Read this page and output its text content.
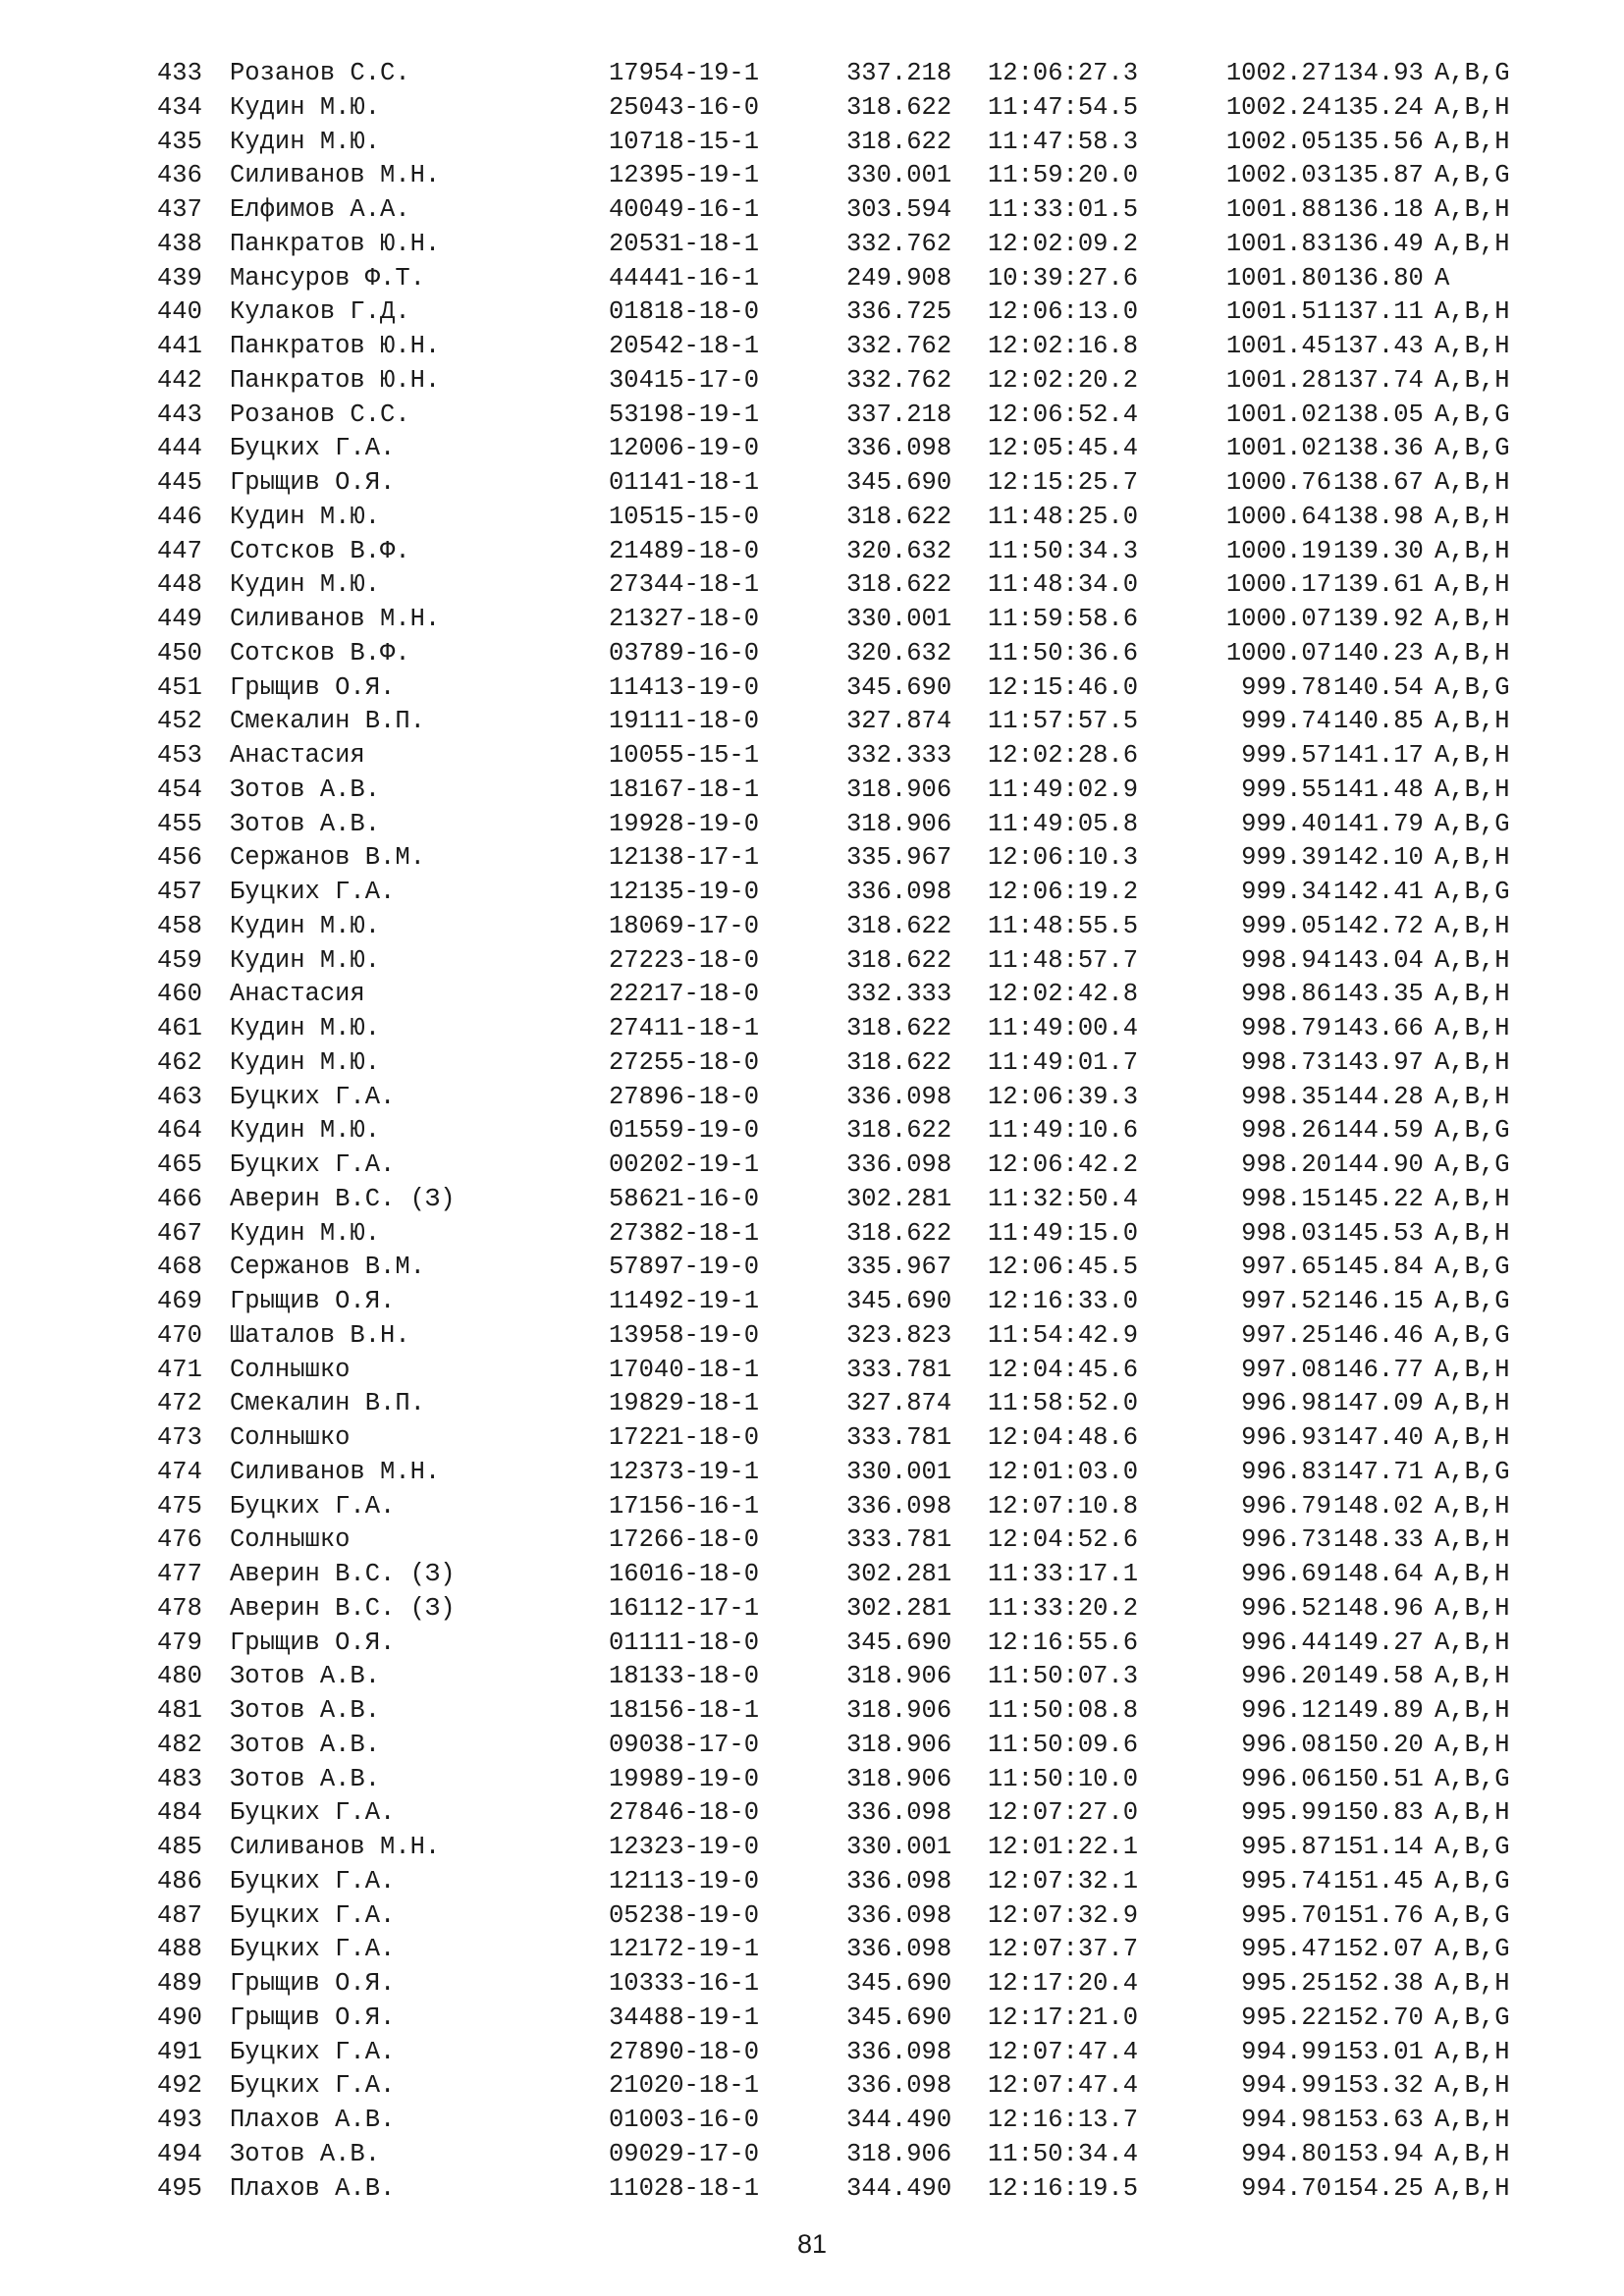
433 Розанов С.С.	17954-19-1	337.218 12:06:27.3	1002.27 134.93 A,B,G
434 Кудин М.Ю.	25043-16-0	318.622 11:47:54.5	1002.24 135.24 A,B,H
435 Кудин М.Ю.	10718-15-1	318.622 11:47:58.3	1002.05 135.56 A,B,H
436 Силиванов М.Н.	12395-19-1	330.001 11:59:20.0	1002.03 135.87 A,B,G
437 Елфимов А.А.	40049-16-1	303.594 11:33:01.5	1001.88 136.18 A,B,H
438 Панкратов Ю.Н.	20531-18-1	332.762 12:02:09.2	1001.83 136.49 A,B,H
439 Мансуров Ф.Т.	44441-16-1	249.908 10:39:27.6	1001.80 136.80 A
440 Кулаков Г.Д.	01818-18-0	336.725 12:06:13.0	1001.51 137.11 A,B,H
441 Панкратов Ю.Н.	20542-18-1	332.762 12:02:16.8	1001.45 137.43 A,B,H
442 Панкратов Ю.Н.	30415-17-0	332.762 12:02:20.2	1001.28 137.74 A,B,H
443 Розанов С.С.	53198-19-1	337.218 12:06:52.4	1001.02 138.05 A,B,G
444 Буцких Г.А.	12006-19-0	336.098 12:05:45.4	1001.02 138.36 A,B,G
445 Грыщив О.Я.	01141-18-1	345.690 12:15:25.7	1000.76 138.67 A,B,H
446 Кудин М.Ю.	10515-15-0	318.622 11:48:25.0	1000.64 138.98 A,B,H
447 Сотсков В.Ф.	21489-18-0	320.632 11:50:34.3	1000.19 139.30 A,B,H
448 Кудин М.Ю.	27344-18-1	318.622 11:48:34.0	1000.17 139.61 A,B,H
449 Силиванов М.Н.	21327-18-0	330.001 11:59:58.6	1000.07 139.92 A,B,H
450 Сотсков В.Ф.	03789-16-0	320.632 11:50:36.6	1000.07 140.23 A,B,H
451 Грыщив О.Я.	11413-19-0	345.690 12:15:46.0	999.78 140.54 A,B,G
452 Смекалин В.П.	19111-18-0	327.874 11:57:57.5	999.74 140.85 A,B,H
453 Анастасия	10055-15-1	332.333 12:02:28.6	999.57 141.17 A,B,H
454 Зотов А.В.	18167-18-1	318.906 11:49:02.9	999.55 141.48 A,B,H
455 Зотов А.В.	19928-19-0	318.906 11:49:05.8	999.40 141.79 A,B,G
456 Сержанов В.М.	12138-17-1	335.967 12:06:10.3	999.39 142.10 A,B,H
457 Буцких Г.А.	12135-19-0	336.098 12:06:19.2	999.34 142.41 A,B,G
458 Кудин М.Ю.	18069-17-0	318.622 11:48:55.5	999.05 142.72 A,B,H
459 Кудин М.Ю.	27223-18-0	318.622 11:48:57.7	998.94 143.04 A,B,H
460 Анастасия	22217-18-0	332.333 12:02:42.8	998.86 143.35 A,B,H
461 Кудин М.Ю.	27411-18-1	318.622 11:49:00.4	998.79 143.66 A,B,H
462 Кудин М.Ю.	27255-18-0	318.622 11:49:01.7	998.73 143.97 A,B,H
463 Буцких Г.А.	27896-18-0	336.098 12:06:39.3	998.35 144.28 A,B,H
464 Кудин М.Ю.	01559-19-0	318.622 11:49:10.6	998.26 144.59 A,B,G
465 Буцких Г.А.	00202-19-1	336.098 12:06:42.2	998.20 144.90 A,B,G
466 Аверин В.С. (З)	58621-16-0	302.281 11:32:50.4	998.15 145.22 A,B,H
467 Кудин М.Ю.	27382-18-1	318.622 11:49:15.0	998.03 145.53 A,B,H
468 Сержанов В.М.	57897-19-0	335.967 12:06:45.5	997.65 145.84 A,B,G
469 Грыщив О.Я.	11492-19-1	345.690 12:16:33.0	997.52 146.15 A,B,G
470 Шаталов В.Н.	13958-19-0	323.823 11:54:42.9	997.25 146.46 A,B,G
471 Солнышко	17040-18-1	333.781 12:04:45.6	997.08 146.77 A,B,H
472 Смекалин В.П.	19829-18-1	327.874 11:58:52.0	996.98 147.09 A,B,H
473 Солнышко	17221-18-0	333.781 12:04:48.6	996.93 147.40 A,B,H
474 Силиванов М.Н.	12373-19-1	330.001 12:01:03.0	996.83 147.71 A,B,G
475 Буцких Г.А.	17156-16-1	336.098 12:07:10.8	996.79 148.02 A,B,H
476 Солнышко	17266-18-0	333.781 12:04:52.6	996.73 148.33 A,B,H
477 Аверин В.С. (З)	16016-18-0	302.281 11:33:17.1	996.69 148.64 A,B,H
478 Аверин В.С. (З)	16112-17-1	302.281 11:33:20.2	996.52 148.96 A,B,H
479 Грыщив О.Я.	01111-18-0	345.690 12:16:55.6	996.44 149.27 A,B,H
480 Зотов А.В.	18133-18-0	318.906 11:50:07.3	996.20 149.58 A,B,H
481 Зотов А.В.	18156-18-1	318.906 11:50:08.8	996.12 149.89 A,B,H
482 Зотов А.В.	09038-17-0	318.906 11:50:09.6	996.08 150.20 A,B,H
483 Зотов А.В.	19989-19-0	318.906 11:50:10.0	996.06 150.51 A,B,G
484 Буцких Г.А.	27846-18-0	336.098 12:07:27.0	995.99 150.83 A,B,H
485 Силиванов М.Н.	12323-19-0	330.001 12:01:22.1	995.87 151.14 A,B,G
486 Буцких Г.А.	12113-19-0	336.098 12:07:32.1	995.74 151.45 A,B,G
487 Буцких Г.А.	05238-19-0	336.098 12:07:32.9	995.70 151.76 A,B,G
488 Буцких Г.А.	12172-19-1	336.098 12:07:37.7	995.47 152.07 A,B,G
489 Грыщив О.Я.	10333-16-1	345.690 12:17:20.4	995.25 152.38 A,B,H
490 Грыщив О.Я.	34488-19-1	345.690 12:17:21.0	995.22 152.70 A,B,G
491 Буцких Г.А.	27890-18-0	336.098 12:07:47.4	994.99 153.01 A,B,H
492 Буцких Г.А.	21020-18-1	336.098 12:07:47.4	994.99 153.32 A,B,H
493 Плахов А.В.	01003-16-0	344.490 12:16:13.7	994.98 153.63 A,B,H
494 Зотов А.В.	09029-17-0	318.906 11:50:34.4	994.80 153.94 A,B,H
495 Плахов А.В.	11028-18-1	344.490 12:16:19.5	994.70 154.25 A,B,H
81
